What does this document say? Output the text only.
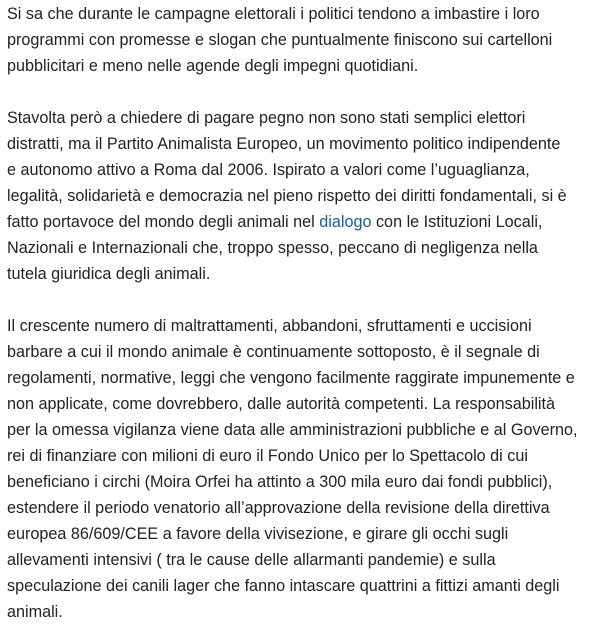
Si sa che durante le campagne elettorali i politici tendono a imbastire i loro
programmi con promesse e slogan che puntualmente finiscono sui cartelloni
pubblicitari e meno nelle agende degli impegni quotidiani.

Stavolta però a chiedere di pagare pegno non sono stati semplici elettori
distratti, ma il Partito Animalista Europeo, un movimento politico indipendente
e autonomo attivo a Roma dal 2006. Ispirato a valori come l’uguaglianza,
legalità, solidarietà e democrazia nel pieno rispetto dei diritti fondamentali, si è
fatto portavoce del mondo degli animali nel dialogo con le Istituzioni Locali,
Nazionali e Internazionali che, troppo spesso, peccano di negligenza nella
tutela giuridica degli animali.

Il crescente numero di maltrattamenti, abbandoni, sfruttamenti e uccisioni
barbare a cui il mondo animale è continuamente sottoposto, è il segnale di
regolamenti, normative, leggi che vengono facilmente raggirate impunemente e
non applicate, come dovrebbero, dalle autorità competenti. La responsabilità
per la omessa vigilanza viene data alle amministrazioni pubbliche e al Governo,
rei di finanziare con milioni di euro il Fondo Unico per lo Spettacolo di cui
beneficiano i circhi (Moira Orfei ha attinto a 300 mila euro dai fondi pubblici),
estendere il periodo venatorio all’approvazione della revisione della direttiva
europea 86/609/CEE a favore della vivisezione, e girare gli occhi sugli
allevamenti intensivi ( tra le cause delle allarmanti pandemie) e sulla
speculazione dei canili lager che fanno intascare quattrini a fittizi amanti degli
animali.
